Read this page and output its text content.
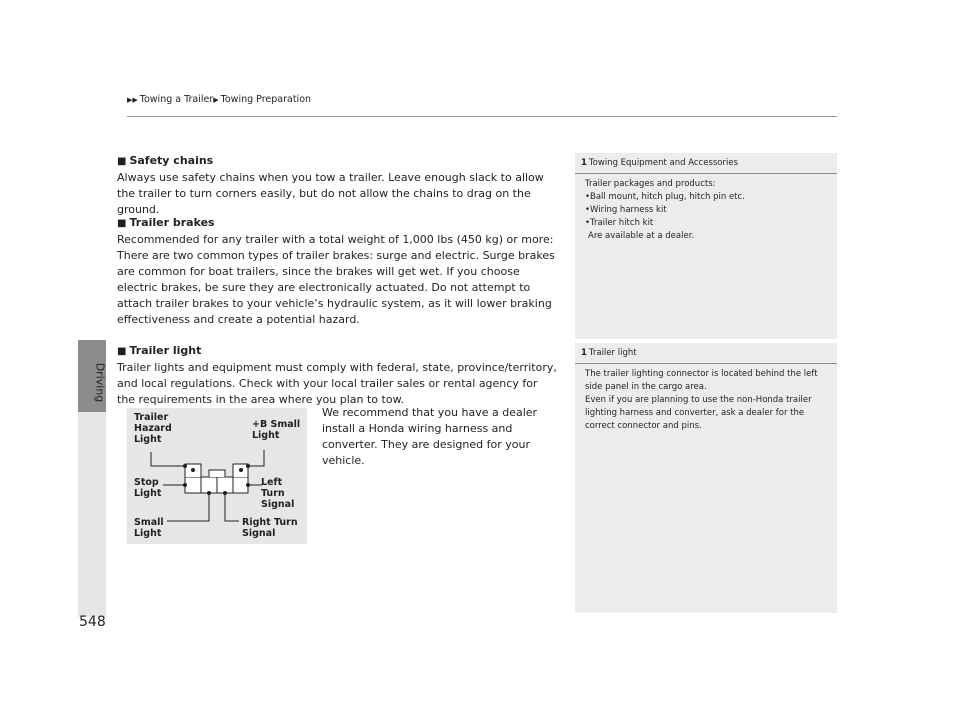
▶▶ Towing a Trailer▶ Towing Preparation
Driving
548

■ Safety chains

Always use safety chains when you tow a trailer. Leave enough slack to allow the trailer to turn corners easily, but do not allow the chains to drag on the ground.

■ Trailer brakes

Recommended for any trailer with a total weight of 1,000 lbs (450 kg) or more: There are two common types of trailer brakes: surge and electric. Surge brakes are common for boat trailers, since the brakes will get wet. If you choose electric brakes, be sure they are electronically actuated. Do not attempt to attach trailer brakes to your vehicle’s hydraulic system, as it will lower braking effectiveness and create a potential hazard.

■ Trailer light

Trailer lights and equipment must comply with federal, state, province/territory, and local regulations. Check with your local trailer sales or rental agency for the requirements in the area where you plan to tow.

We recommend that you have a dealer install a Honda wiring harness and converter. They are designed for your vehicle.
Trailer
Hazard
Light
+B Small
Light
Stop
Light
Left
Turn
Signal
Small
Light
Right Turn
Signal

1 Towing Equipment and Accessories

Trailer packages and products:
•Ball mount, hitch plug, hitch pin etc.
•Wiring harness kit
•Trailer hitch kit
Are available at a dealer.

1 Trailer light

The trailer lighting connector is located behind the left side panel in the cargo area.
Even if you are planning to use the non-Honda trailer lighting harness and converter, ask a dealer for the correct connector and pins.
